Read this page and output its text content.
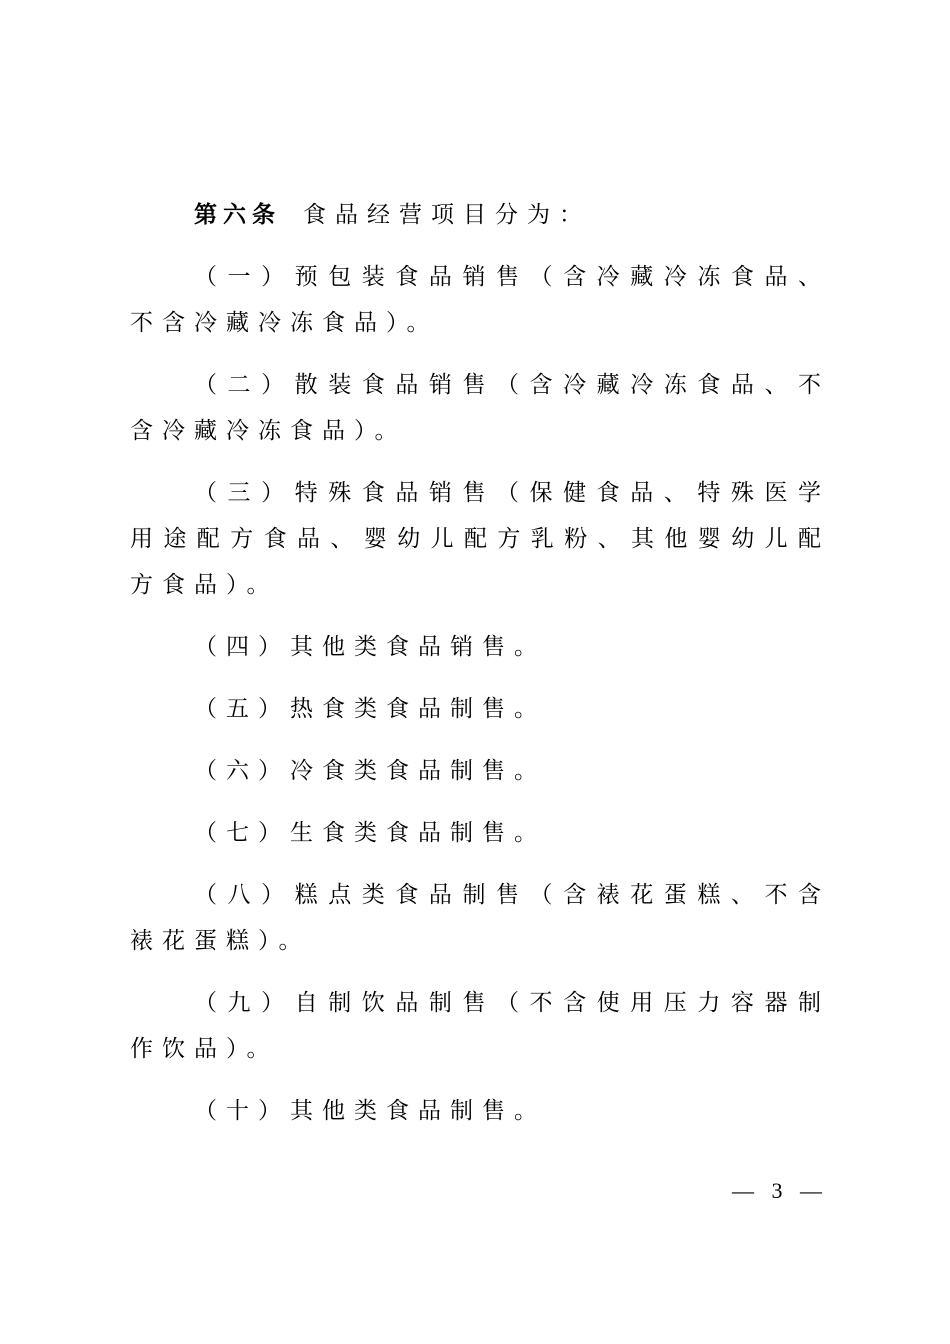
第六条 食品经营项目分为：

（一）预包装食品销售（含冷藏冷冻食品、不含冷藏冷冻食品）。

（二）散装食品销售（含冷藏冷冻食品、不含冷藏冷冻食品）。

（三）特殊食品销售（保健食品、特殊医学用途配方食品、婴幼儿配方乳粉、其他婴幼儿配方食品）。

（四）其他类食品销售。

（五）热食类食品制售。

（六）冷食类食品制售。

（七）生食类食品制售。

（八）糕点类食品制售（含裱花蛋糕、不含裱花蛋糕）。

（九）自制饮品制售（不含使用压力容器制作饮品）。

（十）其他类食品制售。

— 3 —
